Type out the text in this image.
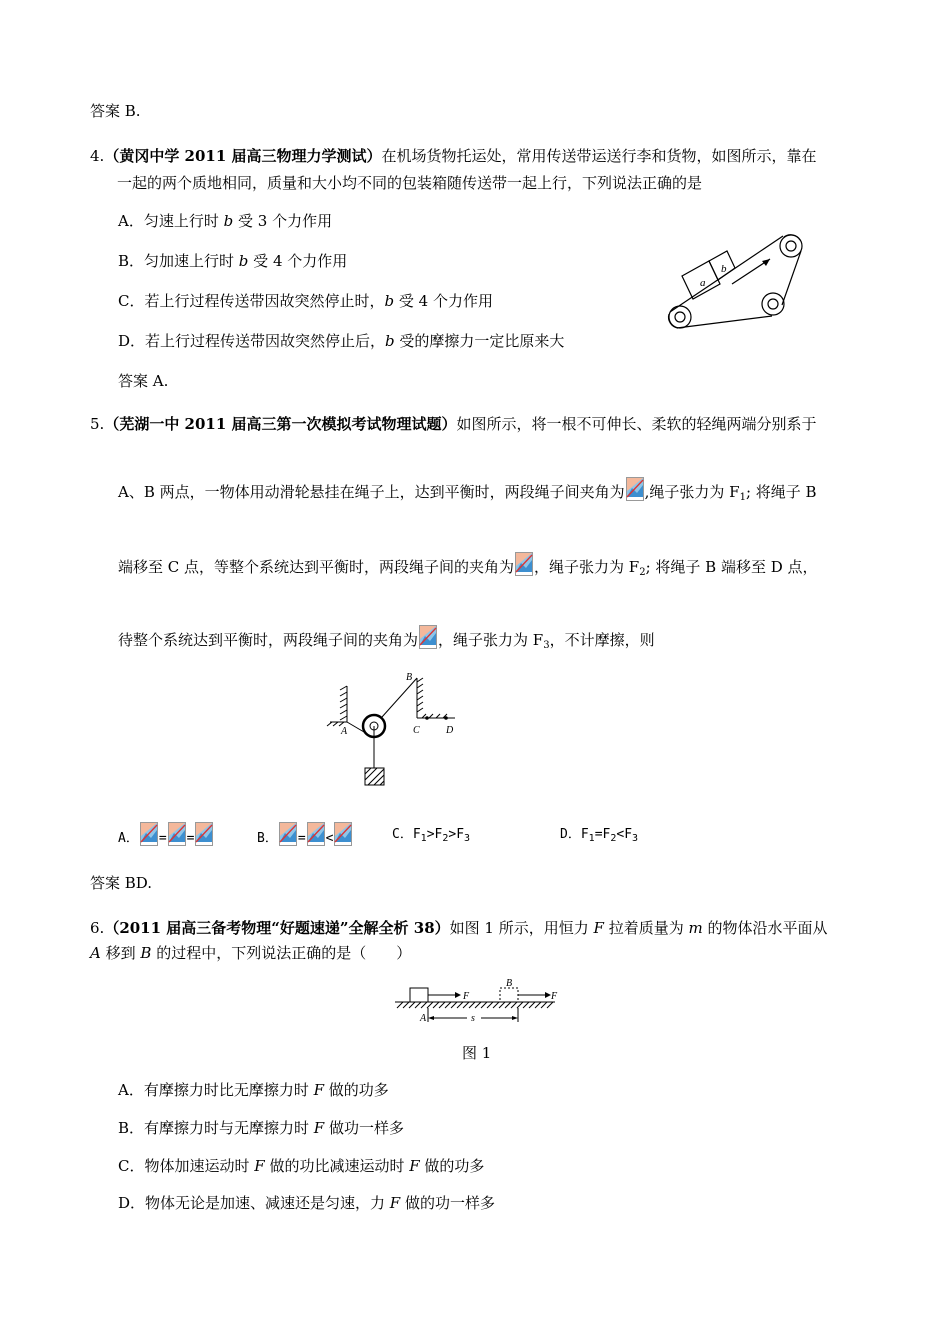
答案 B.
4.（黄冈中学 2011 届高三物理力学测试）在机场货物托运处，常用传送带运送行李和货物，如图所示，靠在
一起的两个质地相同，质量和大小均不同的包装箱随传送带一起上行，下列说法正确的是
A．匀速上行时 b 受 3 个力作用
B．匀加速上行时 b 受 4 个力作用
C．若上行过程传送带因故突然停止时，b 受 4 个力作用
D．若上行过程传送带因故突然停止后，b 受的摩擦力一定比原来大
答案 A.
a
b
5.（芜湖一中 2011 届高三第一次模拟考试物理试题）如图所示，将一根不可伸长、柔软的轻绳两端分别系于
A、B 两点，一物体用动滑轮悬挂在绳子上，达到平衡时，两段绳子间夹角为 ,绳子张力为 $F_1$; 将绳子 B
端移至 C 点，等整个系统达到平衡时，两段绳子间的夹角为 ，绳子张力为 $F_2$; 将绳子 B 端移至 D 点，
待整个系统达到平衡时，两段绳子间的夹角为 ，绳子张力为 $F_3$，不计摩擦，则
A
B
C	D
A． = =	B． = <	C．$F_1>F_2>F_3$	D．$F_1=F_2<F_3$
答案 BD.
6.（2011 届高三备考物理“好题速递”全解全析 38）如图 1 所示，用恒力 F 拉着质量为 m 的物体沿水平面从
A 移到 B 的过程中，下列说法正确的是（　　）
F	F
B
A	s
图 1
A．有摩擦力时比无摩擦力时 F 做的功多
B．有摩擦力时与无摩擦力时 F 做功一样多
C．物体加速运动时 F 做的功比减速运动时 F 做的功多
D．物体无论是加速、减速还是匀速，力 F 做的功一样多
